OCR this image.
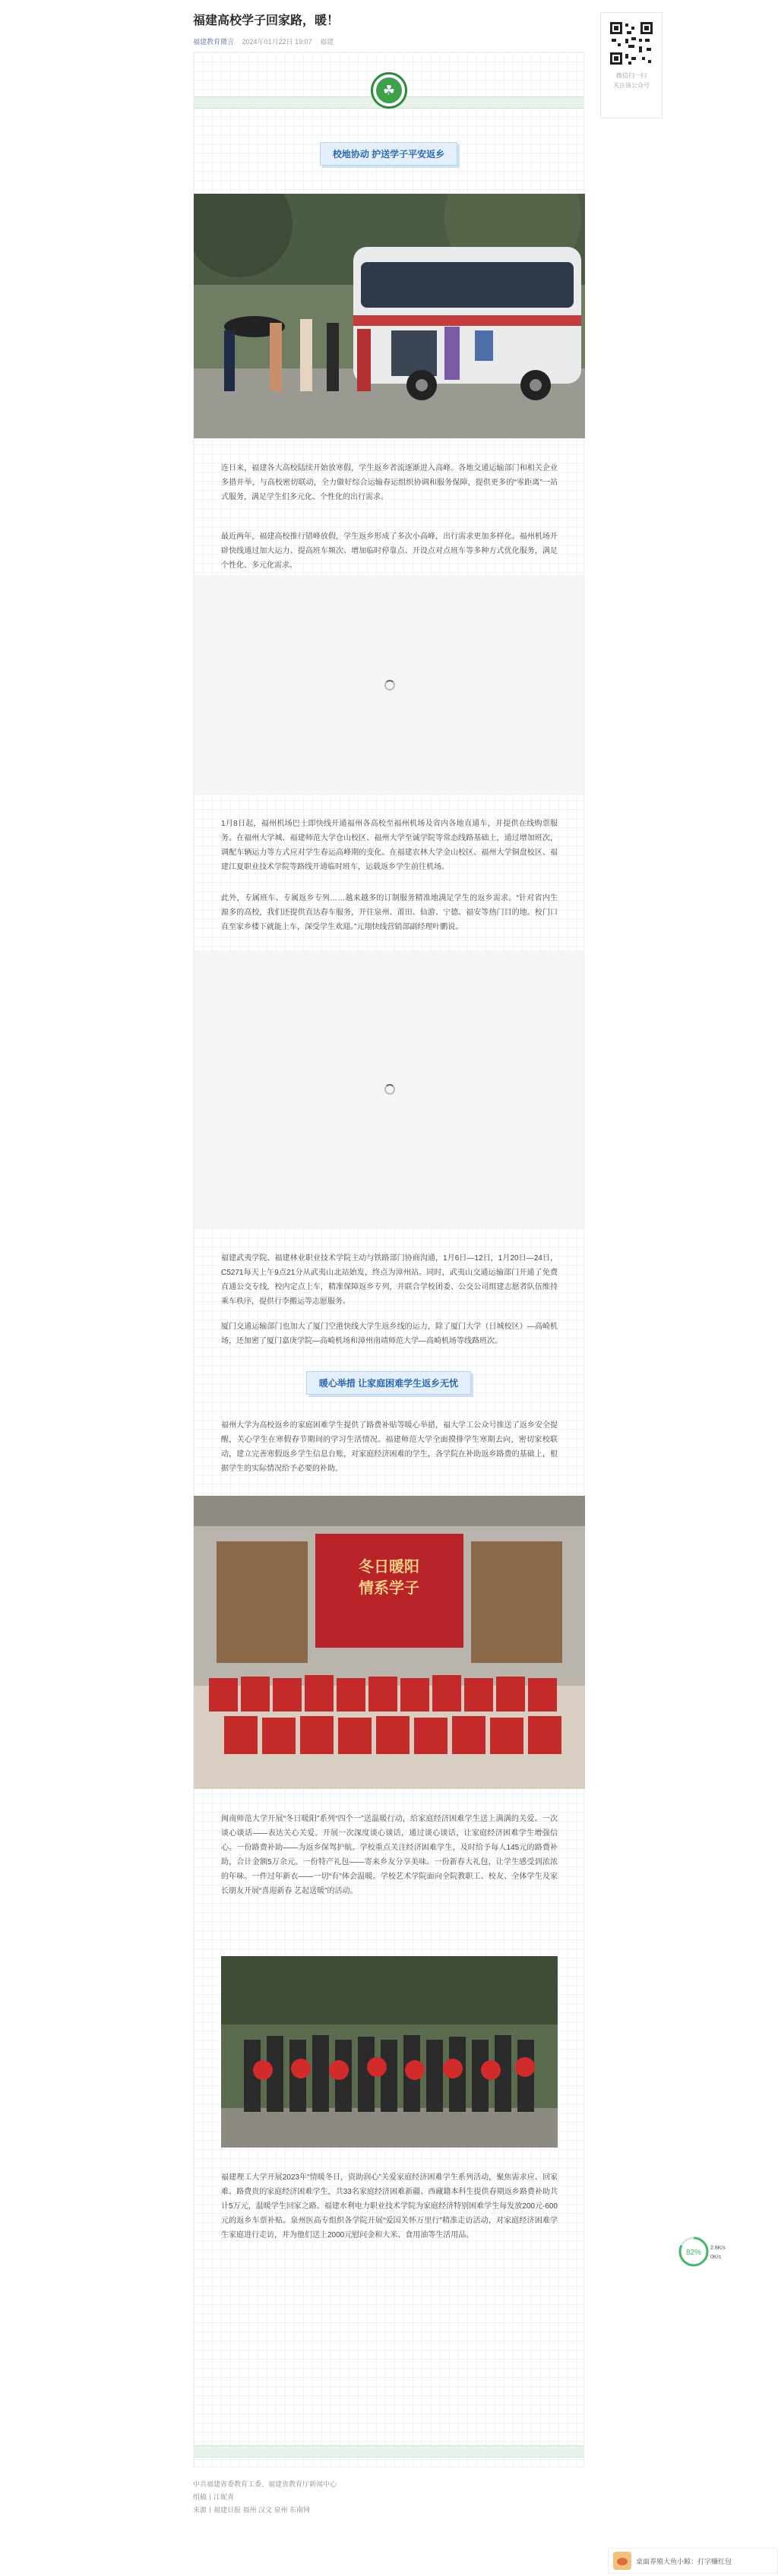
福建高校学子回家路，暖！
福建教育微言 2024年01月22日 19:07 福建
☘
校地协动 护送学子平安返乡

连日来，福建各大高校陆续开始放寒假，学生返乡者流逐渐进入高峰。各地交通运输部门和相关企业多措并举，与高校密切联动，全力做好综合运输春运组织协调和服务保障，提供更多的“零距离”一站式服务，满足学生们多元化、个性化的出行需求。

最近两年，福建高校推行错峰放假，学生返乡形成了多次小高峰，出行需求更加多样化。福州机场开辟快线通过加大运力、提高班车频次、增加临时停靠点、开设点对点班车等多种方式优化服务，满足个性化、多元化需求。

1月8日起，福州机场巴士即快线开通福州各高校至福州机场及省内各地直通车，并提供在线购票服务。在福州大学城、福建师范大学仓山校区、福州大学至诚学院等常态线路基础上，通过增加班次，调配车辆运力等方式应对学生春运高峰期的变化。在福建农林大学金山校区、福州大学铜盘校区、福建江夏职业技术学院等路线开通临时班车，运载返乡学生前往机场。

此外，专属班车、专属返乡专列……越来越多的订制服务精准地满足学生的返乡需求。“针对省内生源多的高校，我们还提供直达春车服务，开往泉州、莆田、仙游、宁德、福安等热门目的地。校门口直至家乡楼下就能上车，深受学生欢迎。”元翔快线营销部副经理叶鹏说。

福建武夷学院、福建林业职业技术学院主动与铁路部门协商沟通，1月6日—12日，1月20日—24日，C5271每天上午9点21分从武夷山北站始发，终点为漳州站。同时，武夷山交通运输部门开通了免费直通公交专线，校内定点上车，精准保障返乡专列，并联合学校团委、公交公司组建志愿者队伍维持乘车秩序，提供行李搬运等志愿服务。

厦门交通运输部门也加大了厦门空港快线大学生返乡线的运力，除了厦门大学（日城校区）—高崎机场，还加密了厦门嘉庚学院—高崎机场和漳州南靖师范大学—高崎机场等线路班次。

暖心举措 让家庭困难学生返乡无忧

福州大学为高校返乡的家庭困难学生提供了路费补贴等暖心举措，福大学工公众号推送了返乡安全提醒，关心学生在寒假春节期间的学习生活情况。福建师范大学全面摸排学生寒期去向，密切家校联动，建立完善寒假返乡学生信息台账，对家庭经济困难的学生，各学院在补助返乡路费的基础上，根据学生的实际情况给予必要的补助。

冬日暖阳
情系学子

闽南师范大学开展“冬日暖阳”系列“四个一”送温暖行动，给家庭经济困难学生送上满满的关爱。一次谈心谈话——表达关心关爱。开展一次深度谈心谈话，通过谈心谈话，让家庭经济困难学生增强信心。一份路费补助——为返乡保驾护航。学校重点关注经济困难学生，及时给予每人145元的路费补助，合计金额5万余元。一份特产礼包——寄来乡友分享美味。一份新春大礼包，让学生感受到浓浓的年味。一件过年新衣——一切“有”体会温暖。学校艺术学院面向全院教职工、校友、全体学生及家长朋友开展“喜迎新春 艺起送暖”的活动。

福建理工大学开展2023年“情暖冬日，资助润心”关爱家庭经济困难学生系列活动，聚焦需求应、回家难、路费贵的家庭经济困难学生，共33名家庭经济困难新疆、西藏籍本科生提供春期返乡路费补助共计5万元，温暖学生回家之路。福建水利电力职业技术学院为家庭经济特别困难学生每发放200元-600元的返乡车票补贴。泉州医高专组织各学院开展“爱国关怀万里行”精准走访活动，对家庭经济困难学生家庭进行走访，并为他们送上2000元慰问金和大米、食用油等生活用品。

中共福建省委教育工委、福建省教育厅新闻中心
组稿丨江妮青
来源丨福建日报 福州 汉文 泉州 东南网
微信扫一扫
关注该公众号
82%
2.8K/s
0K/s
桌面养殖大鱼小鲸：打字赚红包
